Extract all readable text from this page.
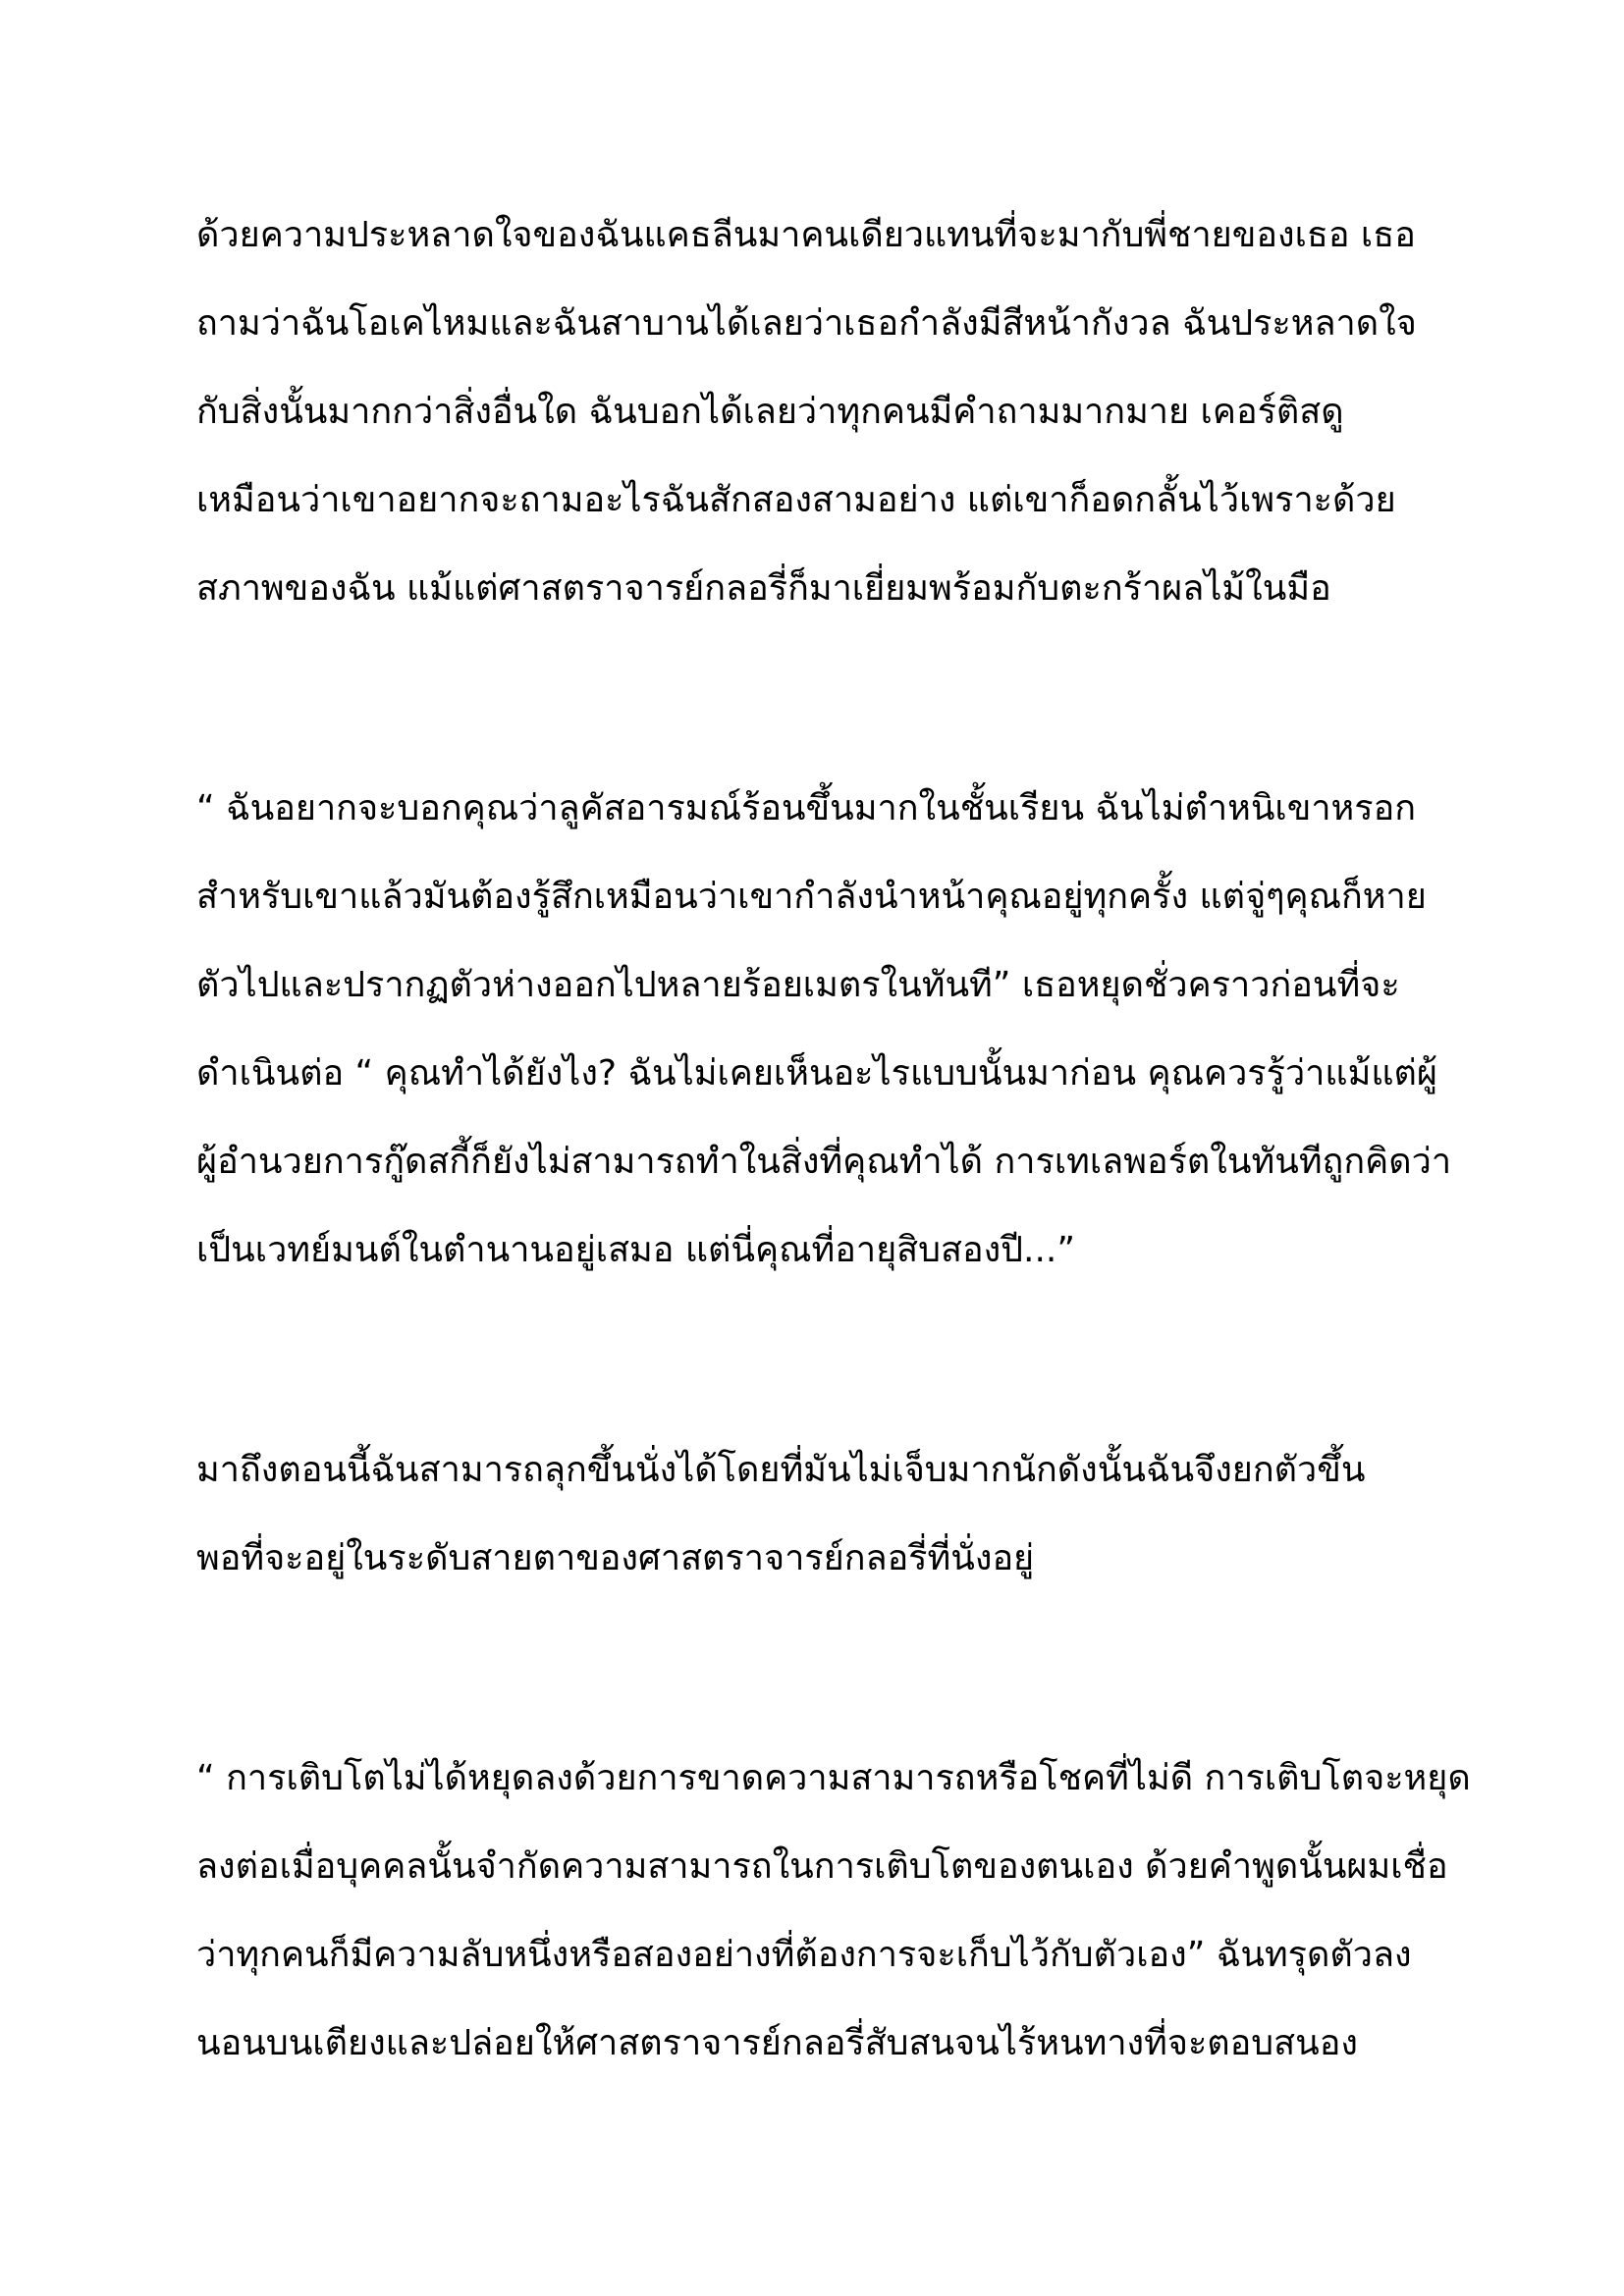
ด้วยความประหลาดใจของฉันแคธลีนมาคนเดียวแทนที่จะมากับพี่ชายของเธอ เธอ
ถามว่าฉันโอเคไหมและฉันสาบานได้เลยว่าเธอกำลังมีสีหน้ากังวล ฉันประหลาดใจ
กับสิ่งนั้นมากกว่าสิ่งอื่นใด ฉันบอกได้เลยว่าทุกคนมีคำถามมากมาย เคอร์ติสดู
เหมือนว่าเขาอยากจะถามอะไรฉันสักสองสามอย่าง แต่เขาก็อดกลั้นไว้เพราะด้วย
สภาพของฉัน แม้แต่ศาสตราจารย์กลอรี่ก็มาเยี่ยมพร้อมกับตะกร้าผลไม้ในมือ
“ ฉันอยากจะบอกคุณว่าลูคัสอารมณ์ร้อนขึ้นมากในชั้นเรียน ฉันไม่ตำหนิเขาหรอก
สำหรับเขาแล้วมันต้องรู้สึกเหมือนว่าเขากำลังนำหน้าคุณอยู่ทุกครั้ง แต่จู่ๆคุณก็หาย
ตัวไปและปรากฏตัวห่างออกไปหลายร้อยเมตรในทันที” เธอหยุดชั่วคราวก่อนที่จะ
ดำเนินต่อ “ คุณทำได้ยังไง? ฉันไม่เคยเห็นอะไรแบบนั้นมาก่อน คุณควรรู้ว่าแม้แต่ผู้
ผู้อำนวยการกู๊ดสกี้ก็ยังไม่สามารถทำในสิ่งที่คุณทำได้ การเทเลพอร์ตในทันทีถูกคิดว่า
เป็นเวทย์มนต์ในตำนานอยู่เสมอ แต่นี่คุณที่อายุสิบสองปี...”
มาถึงตอนนี้ฉันสามารถลุกขึ้นนั่งได้โดยที่มันไม่เจ็บมากนักดังนั้นฉันจึงยกตัวขึ้น
พอที่จะอยู่ในระดับสายตาของศาสตราจารย์กลอรี่ที่นั่งอยู่
“ การเติบโตไม่ได้หยุดลงด้วยการขาดความสามารถหรือโชคที่ไม่ดี การเติบโตจะหยุด
ลงต่อเมื่อบุคคลนั้นจำกัดความสามารถในการเติบโตของตนเอง ด้วยคำพูดนั้นผมเชื่อ
ว่าทุกคนก็มีความลับหนึ่งหรือสองอย่างที่ต้องการจะเก็บไว้กับตัวเอง” ฉันทรุดตัวลง
นอนบนเตียงและปล่อยให้ศาสตราจารย์กลอรี่สับสนจนไร้หนทางที่จะตอบสนอง
